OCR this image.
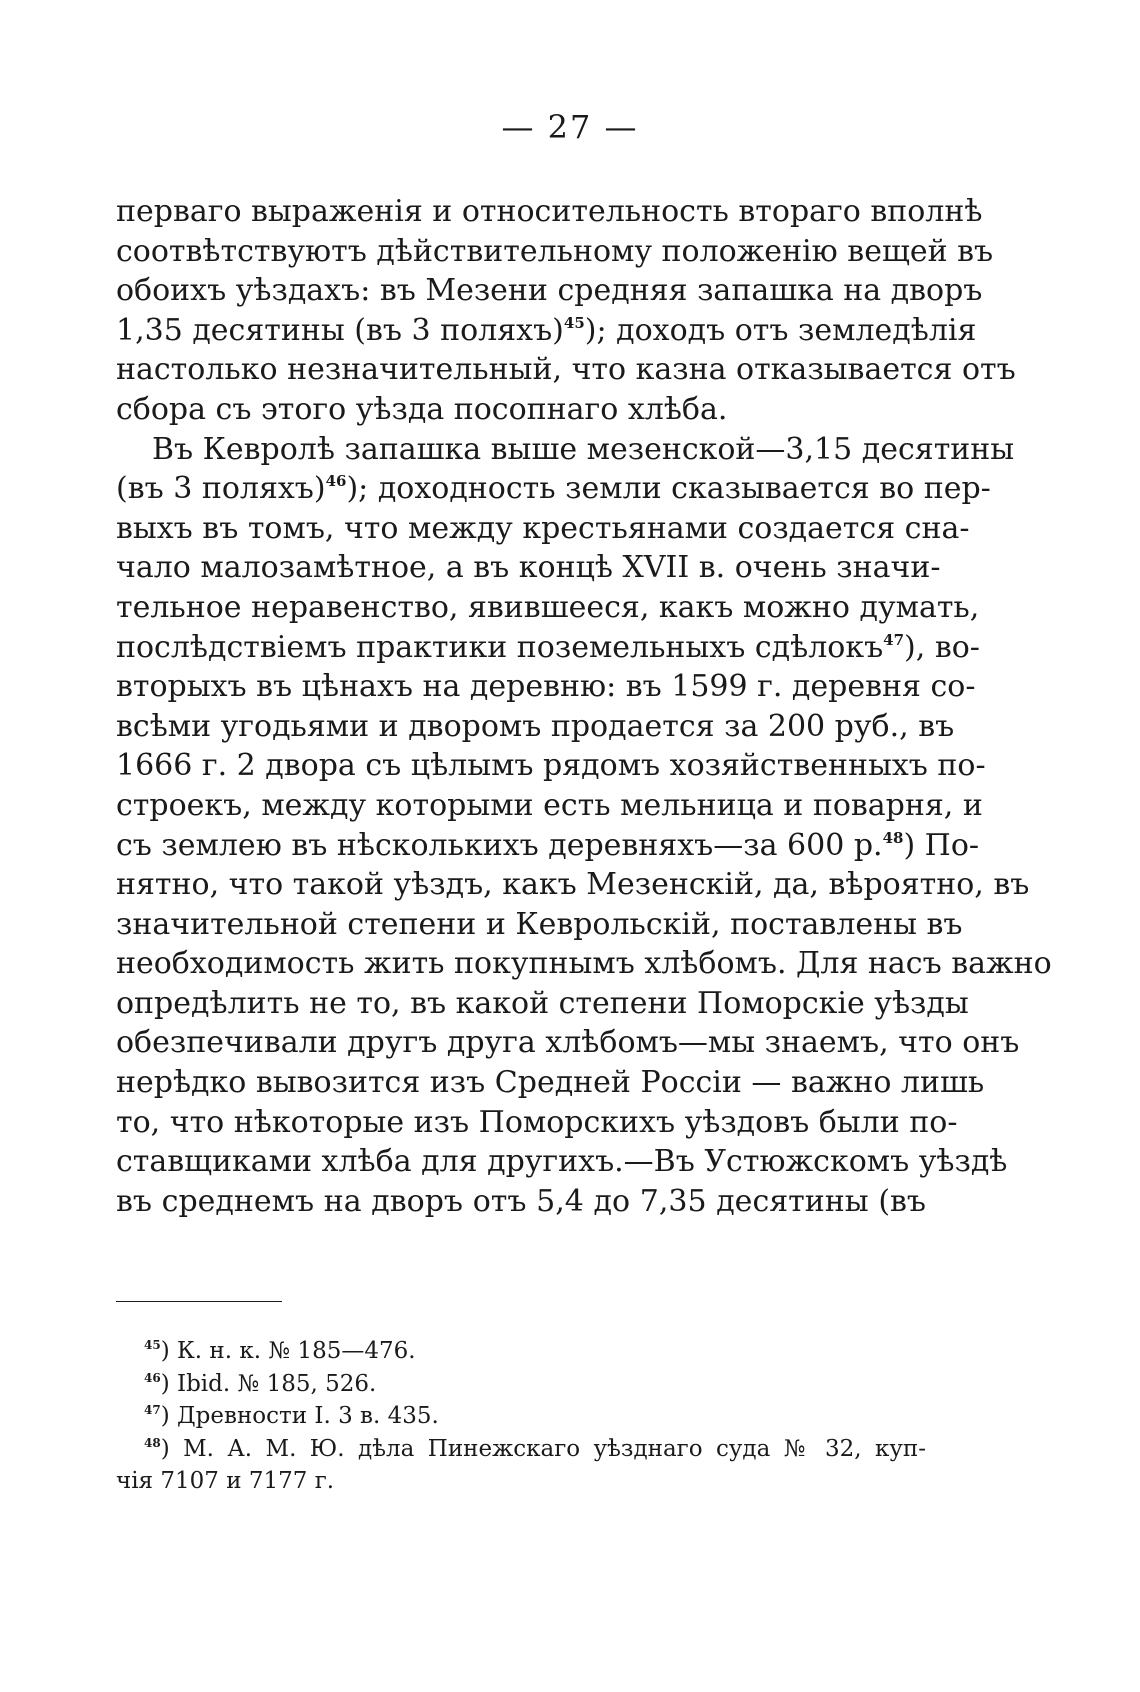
— 27 —
перваго выраженія и относительность втораго вполнѣ
соотвѣтствуютъ дѣйствительному положенію вещей въ
обоихъ уѣздахъ: въ Мезени средняя запашка на дворъ
1,35 десятины (въ 3 поляхъ)$^{45}$); доходъ отъ земледѣлія
настолько незначительный, что казна отказывается отъ
сбора съ этого уѣзда посопнаго хлѣба.
Въ Кевролѣ запашка выше мезенской—3,15 десятины
(въ 3 поляхъ)$^{46}$); доходность земли сказывается во пер-
выхъ въ томъ, что между крестьянами создается сна-
чало малозамѣтное, а въ концѣ XVII в. очень значи-
тельное неравенство, явившееся, какъ можно думать,
послѣдствіемъ практики поземельныхъ сдѣлокъ$^{47}$), во-
вторыхъ въ цѣнахъ на деревню: въ 1599 г. деревня со-
всѣми угодьями и дворомъ продается за 200 руб., въ
1666 г. 2 двора съ цѣлымъ рядомъ хозяйственныхъ по-
строекъ, между которыми есть мельница и поварня, и
съ землею въ нѣсколькихъ деревняхъ—за 600 р.$^{48}$) По-
нятно, что такой уѣздъ, какъ Мезенскій, да, вѣроятно, въ
значительной степени и Кеврольскій, поставлены въ
необходимость жить покупнымъ хлѣбомъ. Для насъ важно
опредѣлить не то, въ какой степени Поморскіе уѣзды
обезпечивали другъ друга хлѣбомъ—мы знаемъ, что онъ
нерѣдко вывозится изъ Средней Россіи — важно лишь
то, что нѣкоторые изъ Поморскихъ уѣздовъ были по-
ставщиками хлѣба для другихъ.—Въ Устюжскомъ уѣздѣ
въ среднемъ на дворъ отъ 5,4 до 7,35 десятины (въ
$^{45}$) К. н. к. № 185—476.
$^{46}$) Ibid. № 185, 526.
$^{47}$) Древности I. 3 в. 435.
$^{48}$) М. А. М. Ю. дѣла Пинежскаго уѣзднаго суда № 32, куп-
чія 7107 и 7177 г.
